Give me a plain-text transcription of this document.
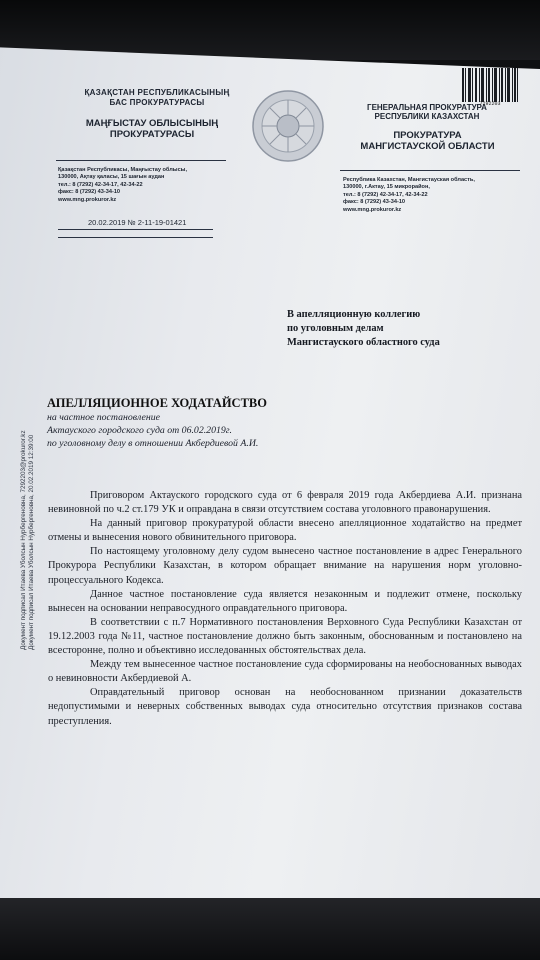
ҚАЗАҚСТАН РЕСПУБЛИКАСЫНЫҢ
БАС ПРОКУРАТУРАСЫ
МАҢҒЫСТАУ ОБЛЫСЫНЫҢ
ПРОКУРАТУРАСЫ
ГЕНЕРАЛЬНАЯ ПРОКУРАТУРА
РЕСПУБЛИКИ КАЗАХСТАН
ПРОКУРАТУРА
МАНГИСТАУСКОЙ ОБЛАСТИ
7292203
Қазақстан Республикасы, Маңғыстау облысы,
130000, Ақтау қаласы, 15 шағын аудан
тел.: 8 (7292) 42-34-17, 42-34-22
факс: 8 (7292) 43-34-10
www.mng.prokuror.kz
Республика Казахстан, Мангистауская область,
130000, г.Актау, 15 микрорайон,
тел.: 8 (7292) 42-34-17, 42-34-22
факс: 8 (7292) 43-34-10
www.mng.prokuror.kz
20.02.2019 № 2-11-19-01421
В апелляционную коллегию
по уголовным делам
Мангистауского областного суда
АПЕЛЛЯЦИОННОЕ ХОДАТАЙСТВО
на частное постановление
Актауского городского суда от 06.02.2019г.
по уголовному делу в отношении Акбердиевой А.И.

Приговором Актауского городского суда от 6 февраля 2019 года Акбердиева А.И. признана невиновной по ч.2 ст.179 УК и оправдана в связи отсутствием состава уголовного правонарушения.

На данный приговор прокуратурой области внесено апелляционное ходатайство на предмет отмены и вынесения нового обвинительного приговора.

По настоящему уголовному делу судом вынесено частное постановление в адрес Генерального Прокурора Республики Казахстан, в котором обращает внимание на нарушения норм уголовно-процессуального Кодекса.

Данное частное постановление суда является незаконным и подлежит отмене, поскольку вынесен на основании неправосудного оправдательного приговора.

В соответствии с п.7 Нормативного постановления Верховного Суда Республики Казахстан от 19.12.2003 года №11, частное постановление должно быть законным, обоснованным и постановлено на всесторонне, полно и объективно исследованных обстоятельствах дела.

Между тем вынесенное частное постановление суда сформированы на необоснованных выводах о невиновности Акбердиевой А.

Оправдательный приговор основан на необоснованном признании доказательств недопустимыми и неверных собственных выводах суда относительно отсутствия признаков состава преступления.

Документ подписал Итаева Уболсын Нурбергеновна, 7292203@prokuror.kz Документ подписал Итаева Уболсын Нурбергеновна, 20.02.2019 12:39:00
